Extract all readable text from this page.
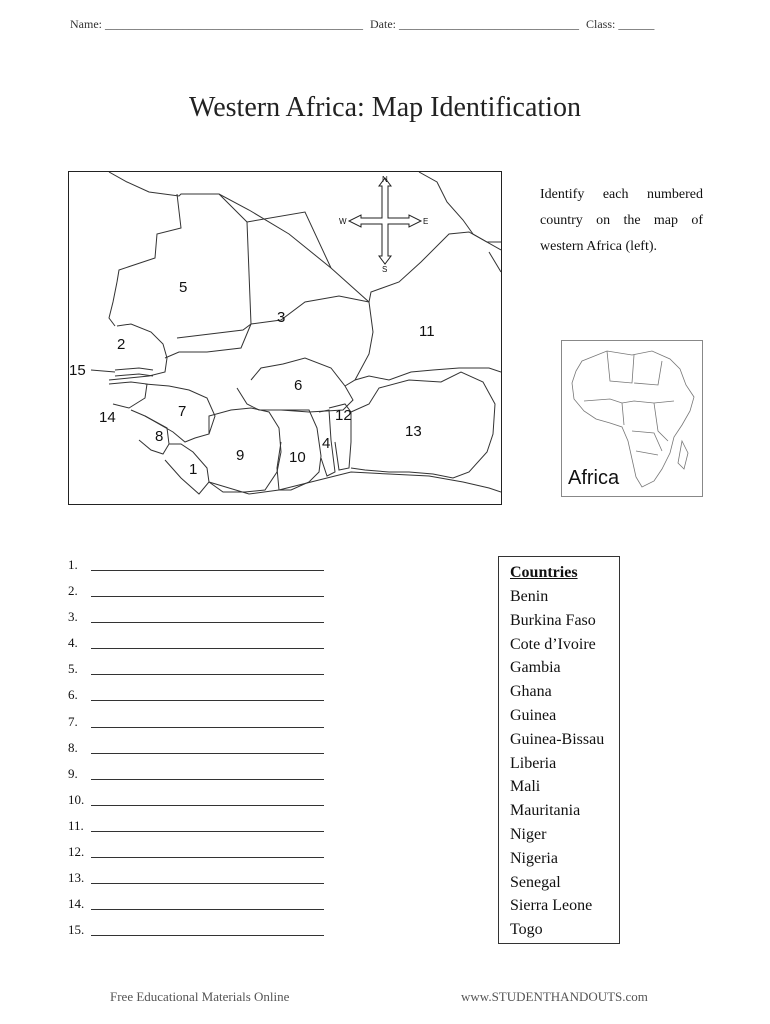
Name: ___________________________________________ Date: ______________________________ Class: ______
Western Africa: Map Identification
N
S
E
W
1
2
3
4
5
6
7
8
9	10
11
12
13
14
15
Identify each numbered country on the map of western Africa (left).
Africa
1.
2.
3.
4.
5.
6.
7.
8.
9.
10.
11.
12.
13.
14.
15.
Countries
Benin
Burkina Faso
Cote d’Ivoire
Gambia
Ghana
Guinea
Guinea-Bissau
Liberia
Mali
Mauritania
Niger
Nigeria
Senegal
Sierra Leone
Togo
Free Educational Materials Online	www.STUDENTHANDOUTS.com
